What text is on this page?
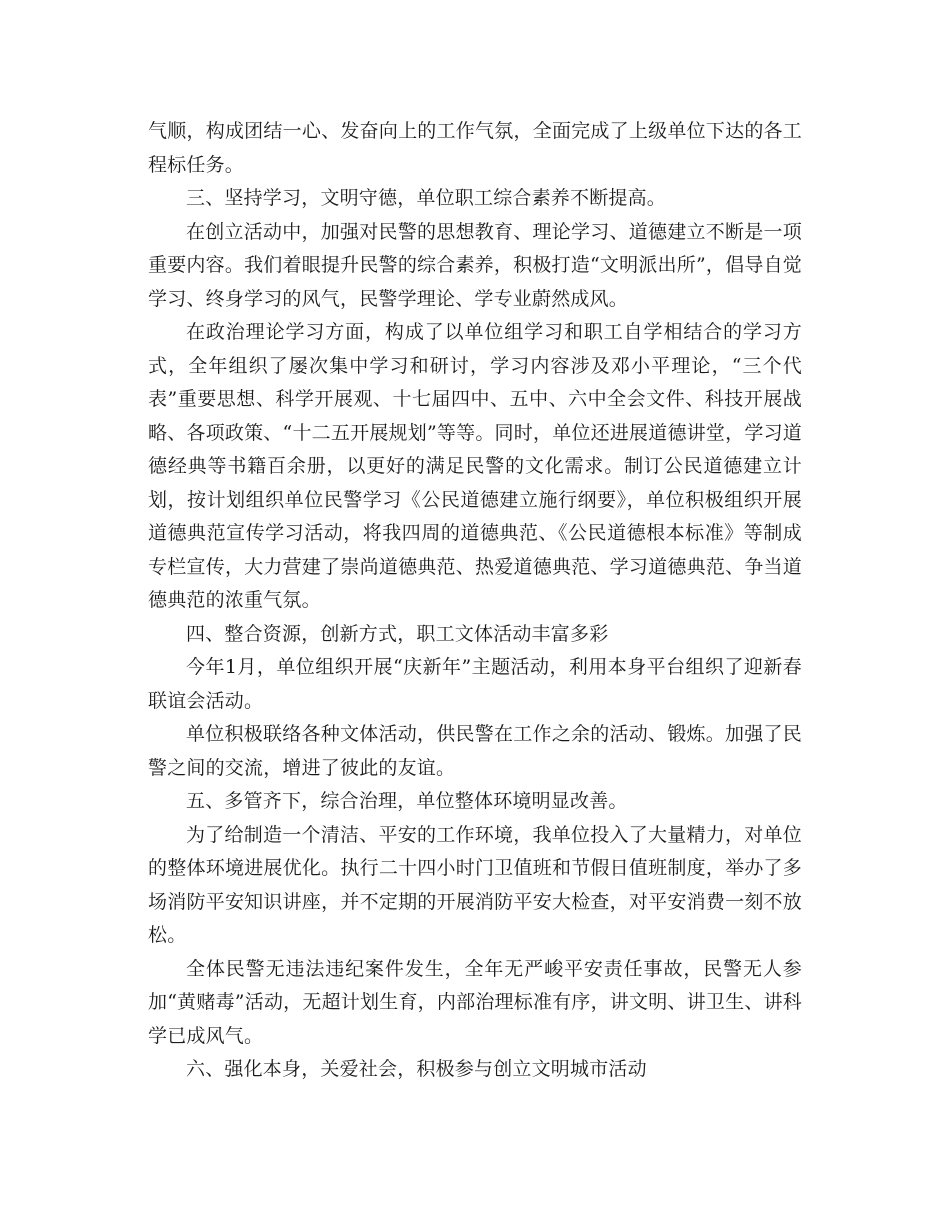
气顺，构成团结一心、发奋向上的工作气氛，全面完成了上级单位下达的各工程标任务。

三、坚持学习，文明守德，单位职工综合素养不断提高。

在创立活动中，加强对民警的思想教育、理论学习、道德建立不断是一项重要内容。我们着眼提升民警的综合素养，积极打造“文明派出所”，倡导自觉学习、终身学习的风气，民警学理论、学专业蔚然成风。

在政治理论学习方面，构成了以单位组学习和职工自学相结合的学习方式，全年组织了屡次集中学习和研讨，学习内容涉及邓小平理论，“三个代表”重要思想、科学开展观、十七届四中、五中、六中全会文件、科技开展战略、各项政策、“十二五开展规划”等等。同时，单位还进展道德讲堂，学习道德经典等书籍百余册，以更好的满足民警的文化需求。制订公民道德建立计划，按计划组织单位民警学习《公民道德建立施行纲要》，单位积极组织开展道德典范宣传学习活动，将我四周的道德典范、《公民道德根本标准》等制成专栏宣传，大力营建了崇尚道德典范、热爱道德典范、学习道德典范、争当道德典范的浓重气氛。

四、整合资源，创新方式，职工文体活动丰富多彩

今年1月，单位组织开展“庆新年”主题活动，利用本身平台组织了迎新春联谊会活动。

单位积极联络各种文体活动，供民警在工作之余的活动、锻炼。加强了民警之间的交流，增进了彼此的友谊。

五、多管齐下，综合治理，单位整体环境明显改善。

为了给制造一个清洁、平安的工作环境，我单位投入了大量精力，对单位的整体环境进展优化。执行二十四小时门卫值班和节假日值班制度，举办了多场消防平安知识讲座，并不定期的开展消防平安大检查，对平安消费一刻不放松。

全体民警无违法违纪案件发生，全年无严峻平安责任事故，民警无人参加“黄赌毒”活动，无超计划生育，内部治理标准有序，讲文明、讲卫生、讲科学已成风气。

六、强化本身，关爱社会，积极参与创立文明城市活动
